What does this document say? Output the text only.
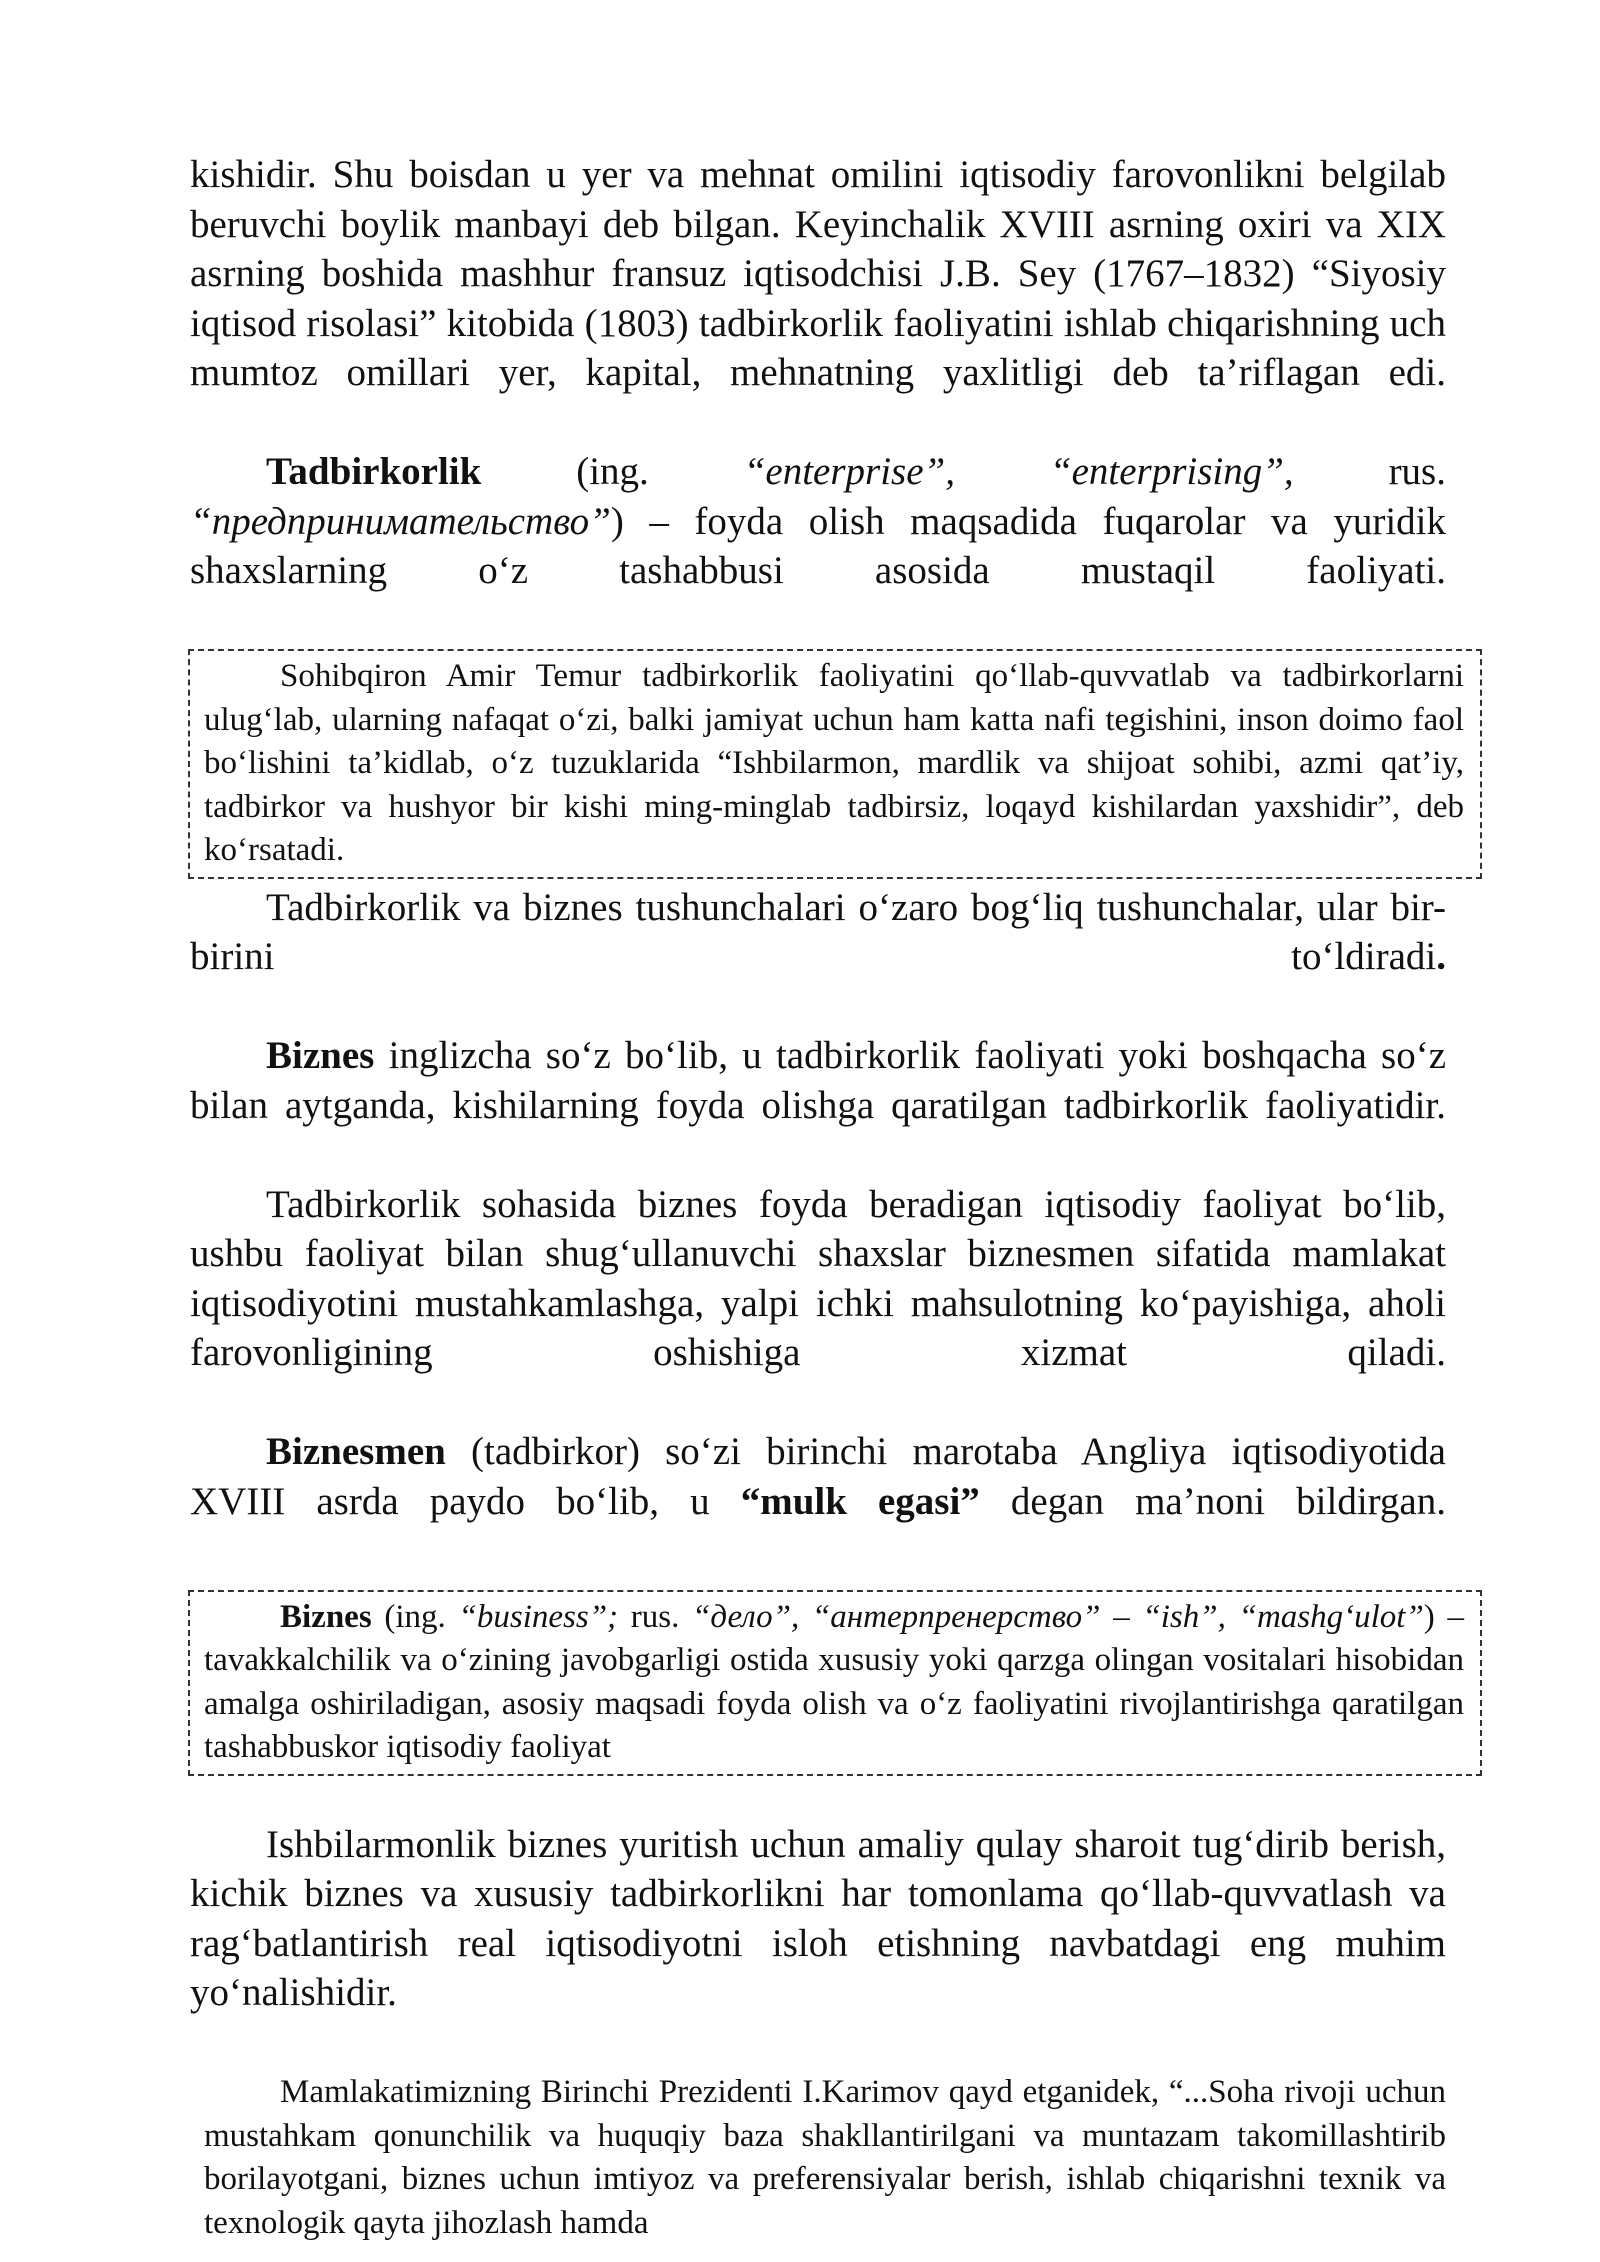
kishidir. Shu boisdan u yer va mehnat omilini iqtisodiy farovonlikni belgilab beruvchi boylik manbayi deb bilgan. Keyinchalik XVIII asrning oxiri va XIX asrning boshida mashhur fransuz iqtisodchisi J.B. Sey (1767–1832) “Siyosiy iqtisod risolasi” kitobida (1803) tadbirkorlik faoliyatini ishlab chiqarishning uch mumtoz omillari yer, kapital, mehnatning yaxlitligi deb ta’riflagan edi.

Tadbirkorlik (ing. “enterprise”, “enterprising”, rus. “предпринимательство”) – foyda olish maqsadida fuqarolar va yuridik shaxslarning o‘z tashabbusi asosida mustaqil faoliyati.

Sohibqiron Amir Temur tadbirkorlik faoliyatini qo‘llab-quvvatlab va tadbirkorlarni ulug‘lab, ularning nafaqat o‘zi, balki jamiyat uchun ham katta nafi tegishini, inson doimo faol bo‘lishini ta’kidlab, o‘z tuzuklarida “Ishbilarmon, mardlik va shijoat sohibi, azmi qat’iy, tadbirkor va hushyor bir kishi ming-minglab tadbirsiz, loqayd kishilardan yaxshidir”, deb ko‘rsatadi.

Tadbirkorlik va biznes tushunchalari o‘zaro bog‘liq tushunchalar, ular bir-birini to‘ldiradi.

Biznes inglizcha so‘z bo‘lib, u tadbirkorlik faoliyati yoki boshqacha so‘z bilan aytganda, kishilarning foyda olishga qaratilgan tadbirkorlik faoliyatidir.

Tadbirkorlik sohasida biznes foyda beradigan iqtisodiy faoliyat bo‘lib, ushbu faoliyat bilan shug‘ullanuvchi shaxslar biznesmen sifatida mamlakat iqtisodiyotini mustahkamlashga, yalpi ichki mahsulotning ko‘payishiga, aholi farovonligining oshishiga xizmat qiladi.

Biznesmen (tadbirkor) so‘zi birinchi marotaba Angliya iqtisodiyotida XVIII asrda paydo bo‘lib, u “mulk egasi” degan ma’noni bildirgan.

Biznes (ing. “business”; rus. “дело”, “антерпренерство” – “ish”, “mashg‘ulot”) – tavakkalchilik va o‘zining javobgarligi ostida xususiy yoki qarzga olingan vositalari hisobidan amalga oshiriladigan, asosiy maqsadi foyda olish va o‘z faoliyatini rivojlantirishga qaratilgan tashabbuskor iqtisodiy faoliyat

Ishbilarmonlik biznes yuritish uchun amaliy qulay sharoit tug‘dirib berish, kichik biznes va xususiy tadbirkorlikni har tomonlama qo‘llab-quvvatlash va rag‘batlantirish real iqtisodiyotni isloh etishning navbatdagi eng muhim yo‘nalishidir.

Mamlakatimizning Birinchi Prezidenti I.Karimov qayd etganidek, “...Soha rivoji uchun mustahkam qonunchilik va huquqiy baza shakllantirilgani va muntazam takomillashtirib borilayotgani, biznes uchun imtiyoz va preferensiyalar berish, ishlab chiqarishni texnik va texnologik qayta jihozlash hamda
